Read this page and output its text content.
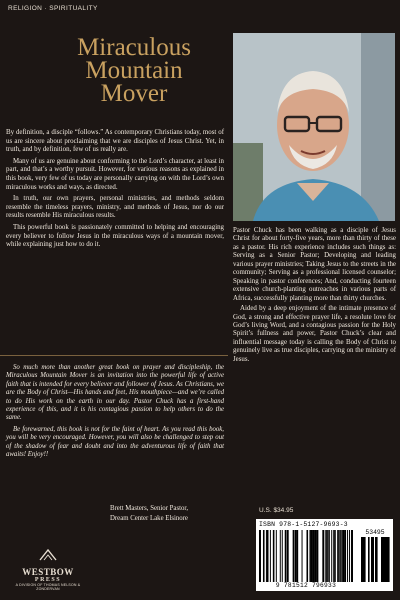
RELIGION · SPIRITUALITY
Miraculous
Mountain
Mover

By definition, a disciple “follows.” As contemporary Christians today, most of us are sincere about proclaiming that we are disciples of Jesus Christ. Yet, in truth, and by definition, few of us really are.

Many of us are genuine about conforming to the Lord’s character, at least in part, and that’s a worthy pursuit. However, for various reasons as explained in this book, very few of us today are personally carrying on with the Lord’s own miraculous works and ways, as directed.

In truth, our own prayers, personal ministries, and methods seldom resemble the timeless prayers, ministry, and methods of Jesus, nor do our results resemble His miraculous results.

This powerful book is passionately committed to helping and encouraging every believer to follow Jesus in the miraculous ways of a mountain mover, while explaining just how to do it.

So much more than another great book on prayer and discipleship, the Miraculous Mountain Mover is an invitation into the powerful life of active faith that is intended for every believer and follower of Jesus. As Christians, we are the Body of Christ—His hands and feet, His mouthpiece—and we’re called to do His work on the earth in our day. Pastor Chuck has a first-hand experience of this, and it is his contagious passion to help others to do the same.

Be forewarned, this book is not for the faint of heart. As you read this book, you will be very encouraged. However, you will also be challenged to step out of the shadow of fear and doubt and into the adventurous life of faith that awaits! Enjoy!!

Brett Masters, Senior Pastor,
Dream Center Lake Elsinore
WESTBOW
PRESS
A DIVISION OF THOMAS NELSON & ZONDERVAN

Pastor Chuck has been walking as a disciple of Jesus Christ for about forty-five years, more than thirty of these as a pastor. His rich experience includes such things as: Serving as a Senior Pastor; Developing and leading various prayer ministries; Taking Jesus to the streets in the community; Serving as a professional licensed counselor; Speaking in pastor conferences; And, conducting fourteen extensive church-planting outreaches in various parts of Africa, successfully planting more than thirty churches.

Aided by a deep enjoyment of the intimate presence of God, a strong and effective prayer life, a resolute love for God’s living Word, and a contagious passion for the Holy Spirit’s fullness and power, Pastor Chuck’s clear and influential message today is calling the Body of Christ to genuinely live as true disciples, carrying on the ministry of Jesus.

U.S. $34.95
ISBN 978-1-5127-9693-3
53495
9 781512 796933
